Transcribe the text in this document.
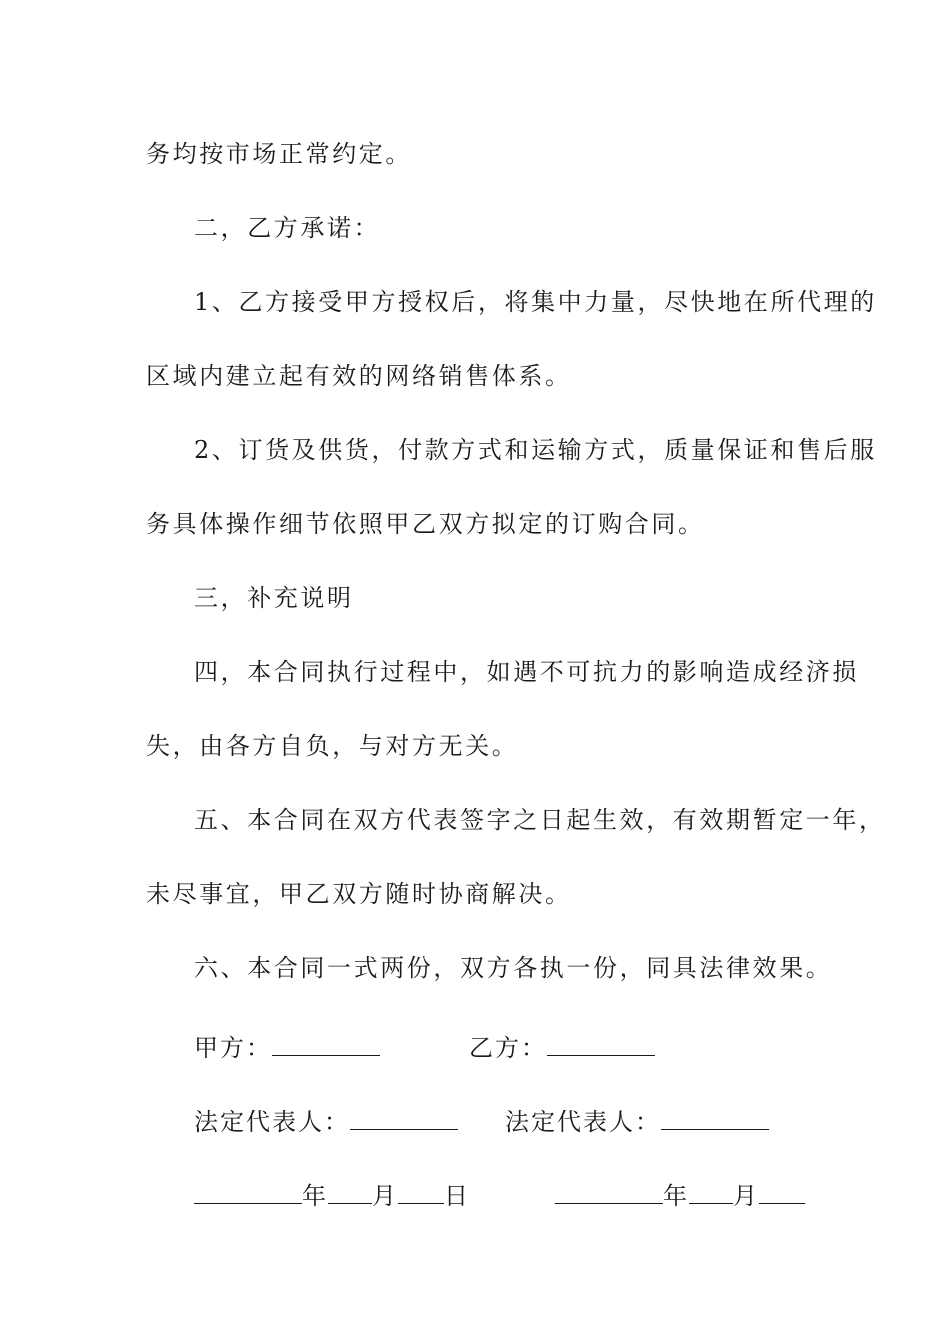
务均按市场正常约定。
二，乙方承诺：
1、乙方接受甲方授权后，将集中力量，尽快地在所代理的
区域内建立起有效的网络销售体系。
2、订货及供货，付款方式和运输方式，质量保证和售后服
务具体操作细节依照甲乙双方拟定的订购合同。
三，补充说明
四，本合同执行过程中，如遇不可抗力的影响造成经济损
失，由各方自负，与对方无关。
五、本合同在双方代表签字之日起生效，有效期暂定一年，
未尽事宜，甲乙双方随时协商解决。
六、本合同一式两份，双方各执一份，同具法律效果。
甲方：	乙方：
法定代表人：	法定代表人：
年 月 日	年 月
